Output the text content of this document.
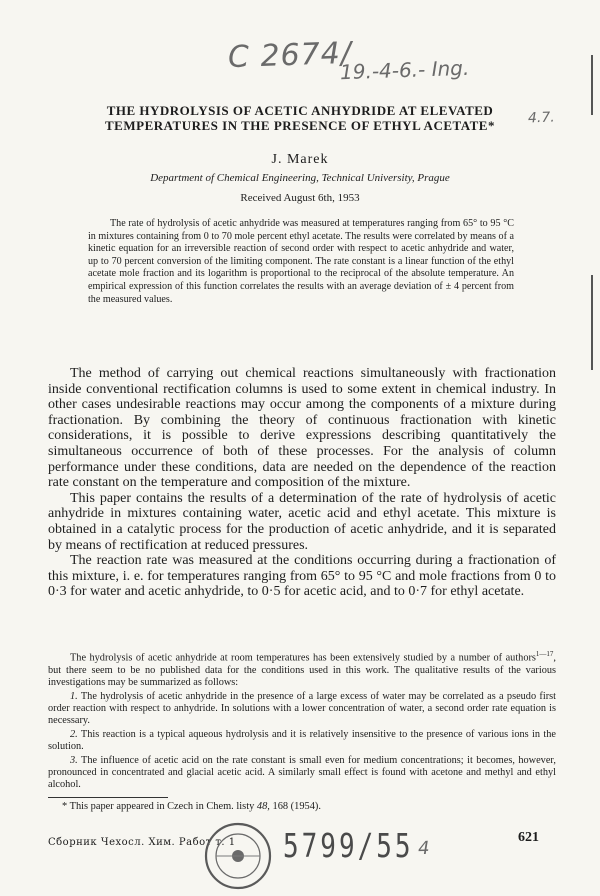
C 2674/
19.-4-6.- Ing.
4.7.
THE HYDROLYSIS OF ACETIC ANHYDRIDE AT ELEVATED
TEMPERATURES IN THE PRESENCE OF ETHYL ACETATE*
J. Marek
Department of Chemical Engineering, Technical University, Prague
Received August 6th, 1953

The rate of hydrolysis of acetic anhydride was measured at temperatures ranging from 65° to 95 °C in mixtures containing from 0 to 70 mole percent ethyl acetate. The results were correlated by means of a kinetic equation for an irreversible reaction of second order with respect to acetic anhydride and water, up to 70 percent conversion of the limiting component. The rate constant is a linear function of the ethyl acetate mole fraction and its logarithm is proportional to the reciprocal of the absolute temperature. An empirical expression of this function correlates the results with an average deviation of ± 4 percent from the measured values.

The method of carrying out chemical reactions simultaneously with fractionation inside conventional rectification columns is used to some extent in chemical industry. In other cases undesirable reactions may occur among the components of a mixture during fractionation. By combining the theory of continuous fractionation with kinetic considerations, it is possible to derive expressions describing quantitatively the simultaneous occurrence of both of these processes. For the analysis of column performance under these conditions, data are needed on the dependence of the reaction rate constant on the temperature and composition of the mixture.

This paper contains the results of a determination of the rate of hydrolysis of acetic anhydride in mixtures containing water, acetic acid and ethyl acetate. This mixture is obtained in a catalytic process for the production of acetic anhydride, and it is separated by means of rectification at reduced pressures.

The reaction rate was measured at the conditions occurring during a fractionation of this mixture, i. e. for temperatures ranging from 65° to 95 °C and mole fractions from 0 to 0·3 for water and acetic anhydride, to 0·5 for acetic acid, and to 0·7 for ethyl acetate.

The hydrolysis of acetic anhydride at room temperatures has been extensively studied by a number of authors$^{1—17}$, but there seem to be no published data for the conditions used in this work. The qualitative results of the various investigations may be summarized as follows:

1. The hydrolysis of acetic anhydride in the presence of a large excess of water may be correlated as a pseudo first order reaction with respect to anhydride. In solutions with a lower concentration of water, a second order rate equation is necessary.

2. This reaction is a typical aqueous hydrolysis and it is relatively insensitive to the presence of various ions in the solution.

3. The influence of acetic acid on the rate constant is small even for medium concentrations; it becomes, however, pronounced in concentrated and glacial acetic acid. A similarly small effect is found with acetone and methyl and ethyl alcohol.

* This paper appeared in Czech in Chem. listy 48, 168 (1954).
Сборник Чехосл. Хим. Работ т. 1 5799/55 4
621
